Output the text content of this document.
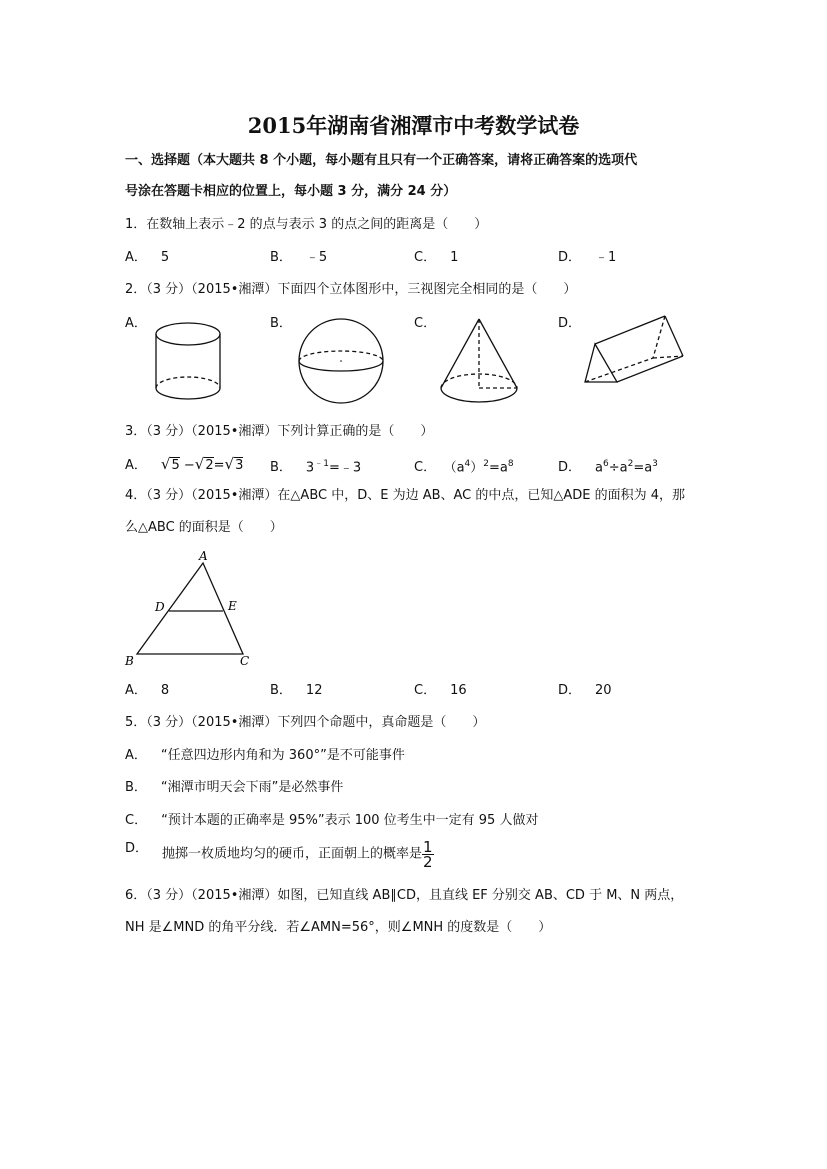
2015年湖南省湘潭市中考数学试卷
一、选择题（本大题共 8 个小题，每小题有且只有一个正确答案，请将正确答案的选项代
号涂在答题卡相应的位置上，每小题 3 分，满分 24 分）
1．在数轴上表示﹣2 的点与表示 3 的点之间的距离是（　　）
A． 5	B． ﹣5	C． 1	D． ﹣1
2．（3 分）（2015•湘潭）下面四个立体图形中，三视图完全相同的是（　　）
A．	B．	C．	D．
3．（3 分）（2015•湘潭）下列计算正确的是（　　）
A． √5 −√2=√3 B． $3^{﹣1}=﹣3$	C． $(a^4)^2=a^8$	D． $a^6\div a^2=a^3$
4．（3 分）（2015•湘潭）在△ABC 中，D、E 为边 AB、AC 的中点，已知△ADE 的面积为 4，那
么△ABC 的面积是（　　）
A
B	C
D	E
A． 8	B． 12	C． 16	D． 20
5．（3 分）（2015•湘潭）下列四个命题中，真命题是（　　）
A． “任意四边形内角和为 360°”是不可能事件
B． “湘潭市明天会下雨”是必然事件
C． “预计本题的正确率是 95%”表示 100 位考生中一定有 95 人做对
D． 抛掷一枚质地均匀的硬币，正面朝上的概率是 $\frac{1}{2}$
6．（3 分）（2015•湘潭）如图，已知直线 AB∥CD，且直线 EF 分别交 AB、CD 于 M、N 两点，
NH 是∠MND 的角平分线．若∠AMN=56°，则∠MNH 的度数是（　　）
